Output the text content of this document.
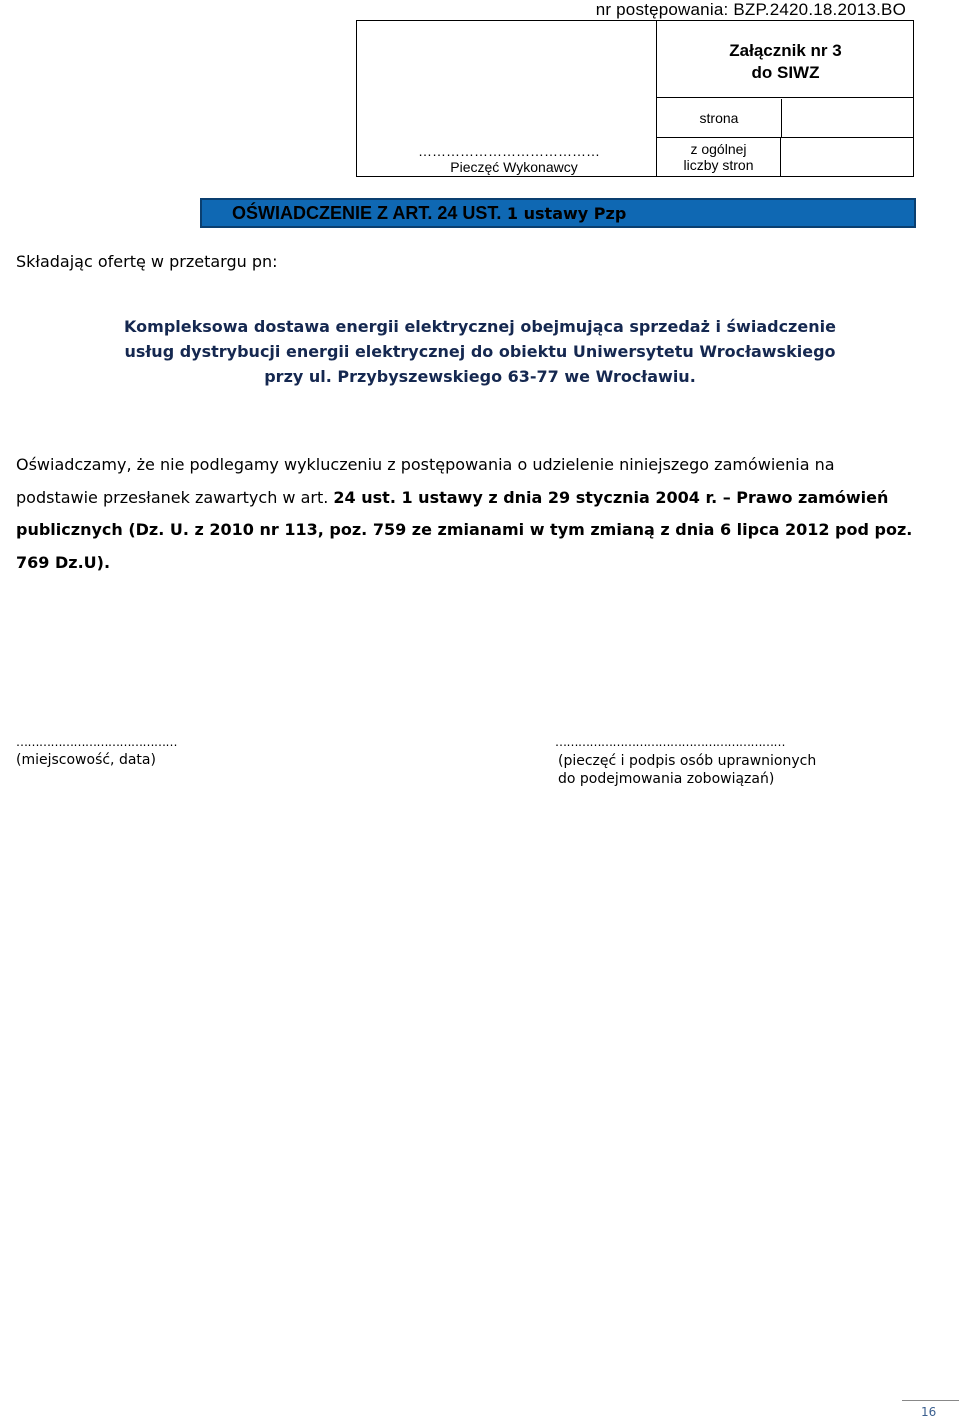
nr postępowania: BZP.2420.18.2013.BO
…………………………………
Pieczęć Wykonawcy
Załącznik nr 3
do SIWZ
strona
z ogólnej
liczby stron
OŚWIADCZENIE Z ART. 24 UST. 1 ustawy Pzp
Składając ofertę w przetargu pn:
Kompleksowa dostawa energii elektrycznej obejmująca sprzedaż i świadczenie
usług dystrybucji energii elektrycznej do obiektu Uniwersytetu Wrocławskiego
przy ul. Przybyszewskiego 63-77 we Wrocławiu.
Oświadczamy, że nie podlegamy wykluczeniu z postępowania o udzielenie niniejszego zamówienia na podstawie przesłanek zawartych w art. 24 ust. 1 ustawy z dnia 29 stycznia 2004 r. – Prawo zamówień publicznych (Dz. U. z 2010 nr 113, poz. 759 ze zmianami w tym zmianą z dnia 6 lipca 2012 pod poz. 769 Dz.U).
……………………………………
(miejscowość, data)
……………………………………………………
(pieczęć i podpis osób uprawnionych
do podejmowania zobowiązań)
16
